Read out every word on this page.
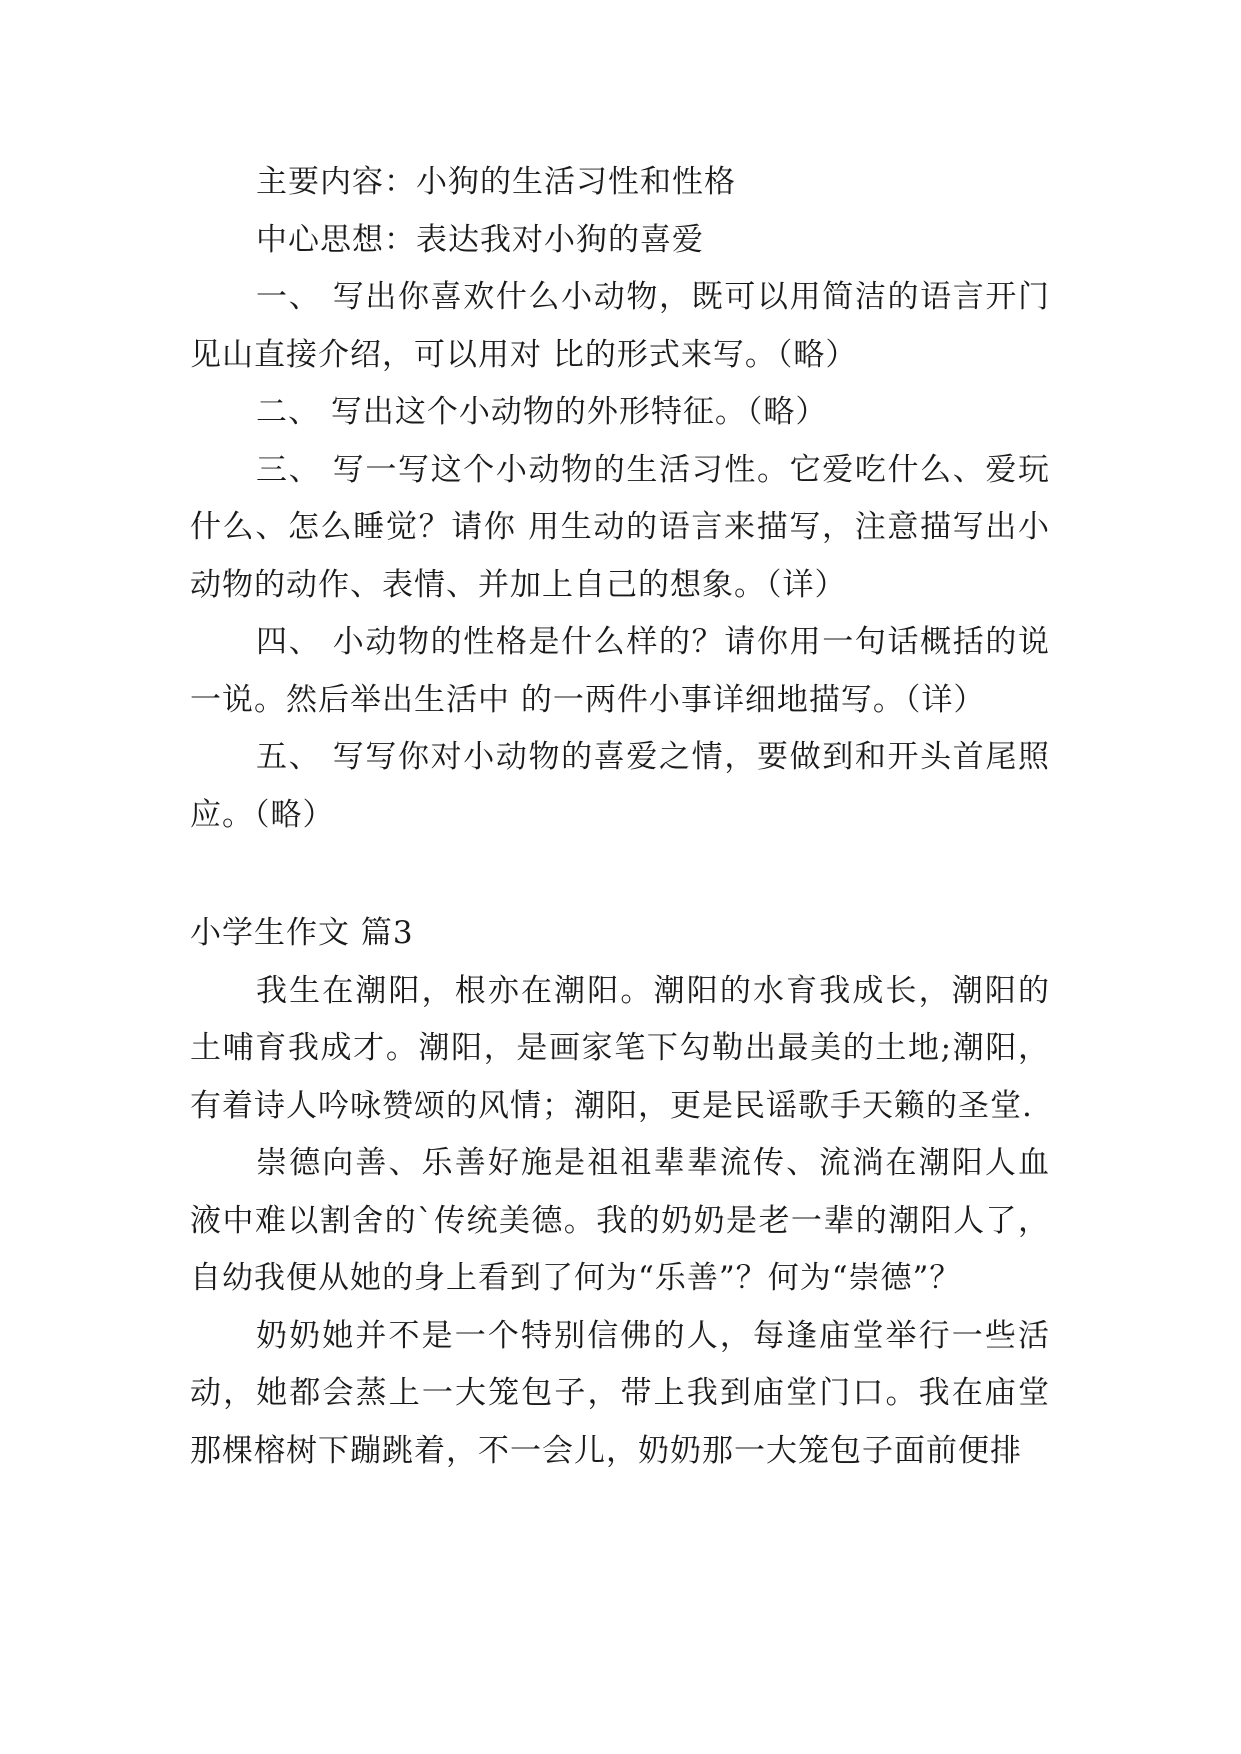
主要内容：小狗的生活习性和性格

中心思想：表达我对小狗的喜爱

一、 写出你喜欢什么小动物，既可以用简洁的语言开门见山直接介绍，可以用对 比的形式来写。（略）

二、 写出这个小动物的外形特征。（略）

三、 写一写这个小动物的生活习性。它爱吃什么、爱玩什么、怎么睡觉？请你 用生动的语言来描写，注意描写出小动物的动作、表情、并加上自己的想象。（详）

四、 小动物的性格是什么样的？请你用一句话概括的说一说。然后举出生活中 的一两件小事详细地描写。（详）

五、 写写你对小动物的喜爱之情，要做到和开头首尾照应。（略）

小学生作文 篇3

我生在潮阳，根亦在潮阳。潮阳的水育我成长，潮阳的土哺育我成才。潮阳，是画家笔下勾勒出最美的土地;潮阳，有着诗人吟咏赞颂的风情；潮阳，更是民谣歌手天籁的圣堂.

崇德向善、乐善好施是祖祖辈辈流传、流淌在潮阳人血液中难以割舍的`传统美德。我的奶奶是老一辈的潮阳人了，自幼我便从她的身上看到了何为“乐善”？何为“崇德”？

奶奶她并不是一个特别信佛的人，每逢庙堂举行一些活动，她都会蒸上一大笼包子，带上我到庙堂门口。我在庙堂那棵榕树下蹦跳着，不一会儿，奶奶那一大笼包子面前便排
